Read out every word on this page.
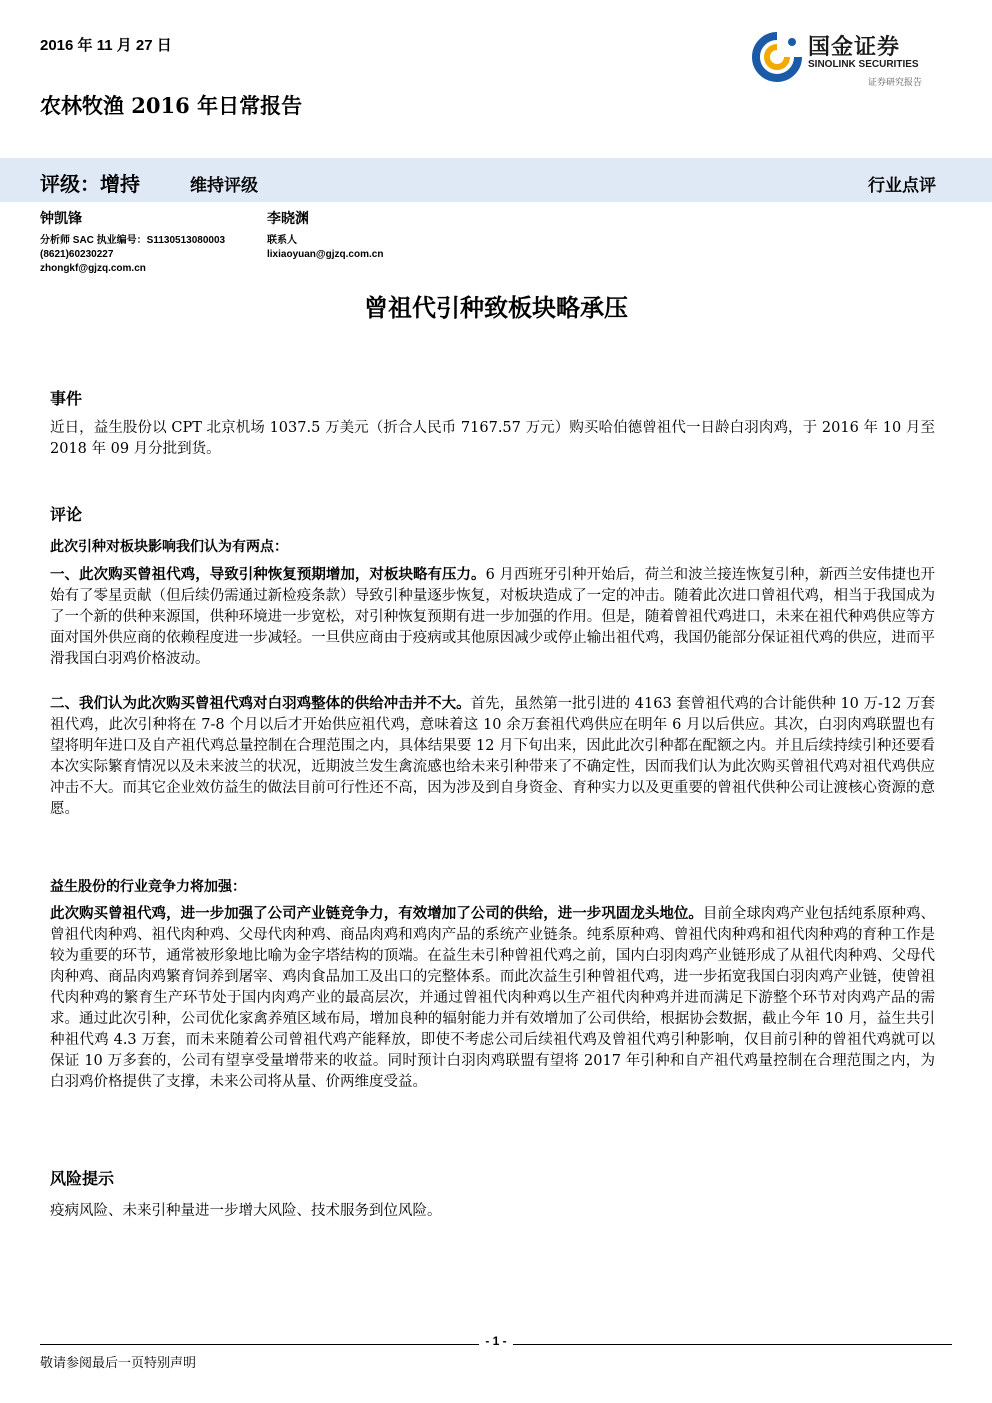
2016 年 11 月 27 日	国金证券
SINOLINK SECURITIES
证券研究报告
农林牧渔 2016 年日常报告
评级：增持	维持评级	行业点评
钟凯锋
分析师 SAC 执业编号：S1130513080003
(8621)60230227
zhongkf@gjzq.com.cn
李晓渊
联系人
lixiaoyuan@gjzq.com.cn
曾祖代引种致板块略承压
事件
近日，益生股份以 CPT 北京机场 1037.5 万美元（折合人民币 7167.57 万元）购买哈伯德曾祖代一日龄白羽肉鸡，于 2016 年 10 月至 2018 年 09 月分批到货。
评论
此次引种对板块影响我们认为有两点：
一、此次购买曾祖代鸡，导致引种恢复预期增加，对板块略有压力。6 月西班牙引种开始后，荷兰和波兰接连恢复引种，新西兰安伟捷也开始有了零星贡献（但后续仍需通过新检疫条款）导致引种量逐步恢复，对板块造成了一定的冲击。随着此次进口曾祖代鸡，相当于我国成为了一个新的供种来源国，供种环境进一步宽松，对引种恢复预期有进一步加强的作用。但是，随着曾祖代鸡进口，未来在祖代种鸡供应等方面对国外供应商的依赖程度进一步减轻。一旦供应商由于疫病或其他原因减少或停止输出祖代鸡，我国仍能部分保证祖代鸡的供应，进而平滑我国白羽鸡价格波动。
二、我们认为此次购买曾祖代鸡对白羽鸡整体的供给冲击并不大。首先，虽然第一批引进的 4163 套曾祖代鸡的合计能供种 10 万-12 万套祖代鸡，此次引种将在 7-8 个月以后才开始供应祖代鸡，意味着这 10 余万套祖代鸡供应在明年 6 月以后供应。其次，白羽肉鸡联盟也有望将明年进口及自产祖代鸡总量控制在合理范围之内，具体结果要 12 月下旬出来，因此此次引种都在配额之内。并且后续持续引种还要看本次实际繁育情况以及未来波兰的状况，近期波兰发生禽流感也给未来引种带来了不确定性，因而我们认为此次购买曾祖代鸡对祖代鸡供应冲击不大。而其它企业效仿益生的做法目前可行性还不高，因为涉及到自身资金、育种实力以及更重要的曾祖代供种公司让渡核心资源的意愿。
益生股份的行业竞争力将加强：
此次购买曾祖代鸡，进一步加强了公司产业链竞争力，有效增加了公司的供给，进一步巩固龙头地位。目前全球肉鸡产业包括纯系原种鸡、曾祖代肉种鸡、祖代肉种鸡、父母代肉种鸡、商品肉鸡和鸡肉产品的系统产业链条。纯系原种鸡、曾祖代肉种鸡和祖代肉种鸡的育种工作是较为重要的环节，通常被形象地比喻为金字塔结构的顶端。在益生未引种曾祖代鸡之前，国内白羽肉鸡产业链形成了从祖代肉种鸡、父母代肉种鸡、商品肉鸡繁育饲养到屠宰、鸡肉食品加工及出口的完整体系。而此次益生引种曾祖代鸡，进一步拓宽我国白羽肉鸡产业链，使曾祖代肉种鸡的繁育生产环节处于国内肉鸡产业的最高层次，并通过曾祖代肉种鸡以生产祖代肉种鸡并进而满足下游整个环节对肉鸡产品的需求。通过此次引种，公司优化家禽养殖区域布局，增加良种的辐射能力并有效增加了公司供给，根据协会数据，截止今年 10 月，益生共引种祖代鸡 4.3 万套，而未来随着公司曾祖代鸡产能释放，即使不考虑公司后续祖代鸡及曾祖代鸡引种影响，仅目前引种的曾祖代鸡就可以保证 10 万多套的，公司有望享受量增带来的收益。同时预计白羽肉鸡联盟有望将 2017 年引种和自产祖代鸡量控制在合理范围之内，为白羽鸡价格提供了支撑，未来公司将从量、价两维度受益。
风险提示
疫病风险、未来引种量进一步增大风险、技术服务到位风险。
- 1 -
敬请参阅最后一页特别声明
